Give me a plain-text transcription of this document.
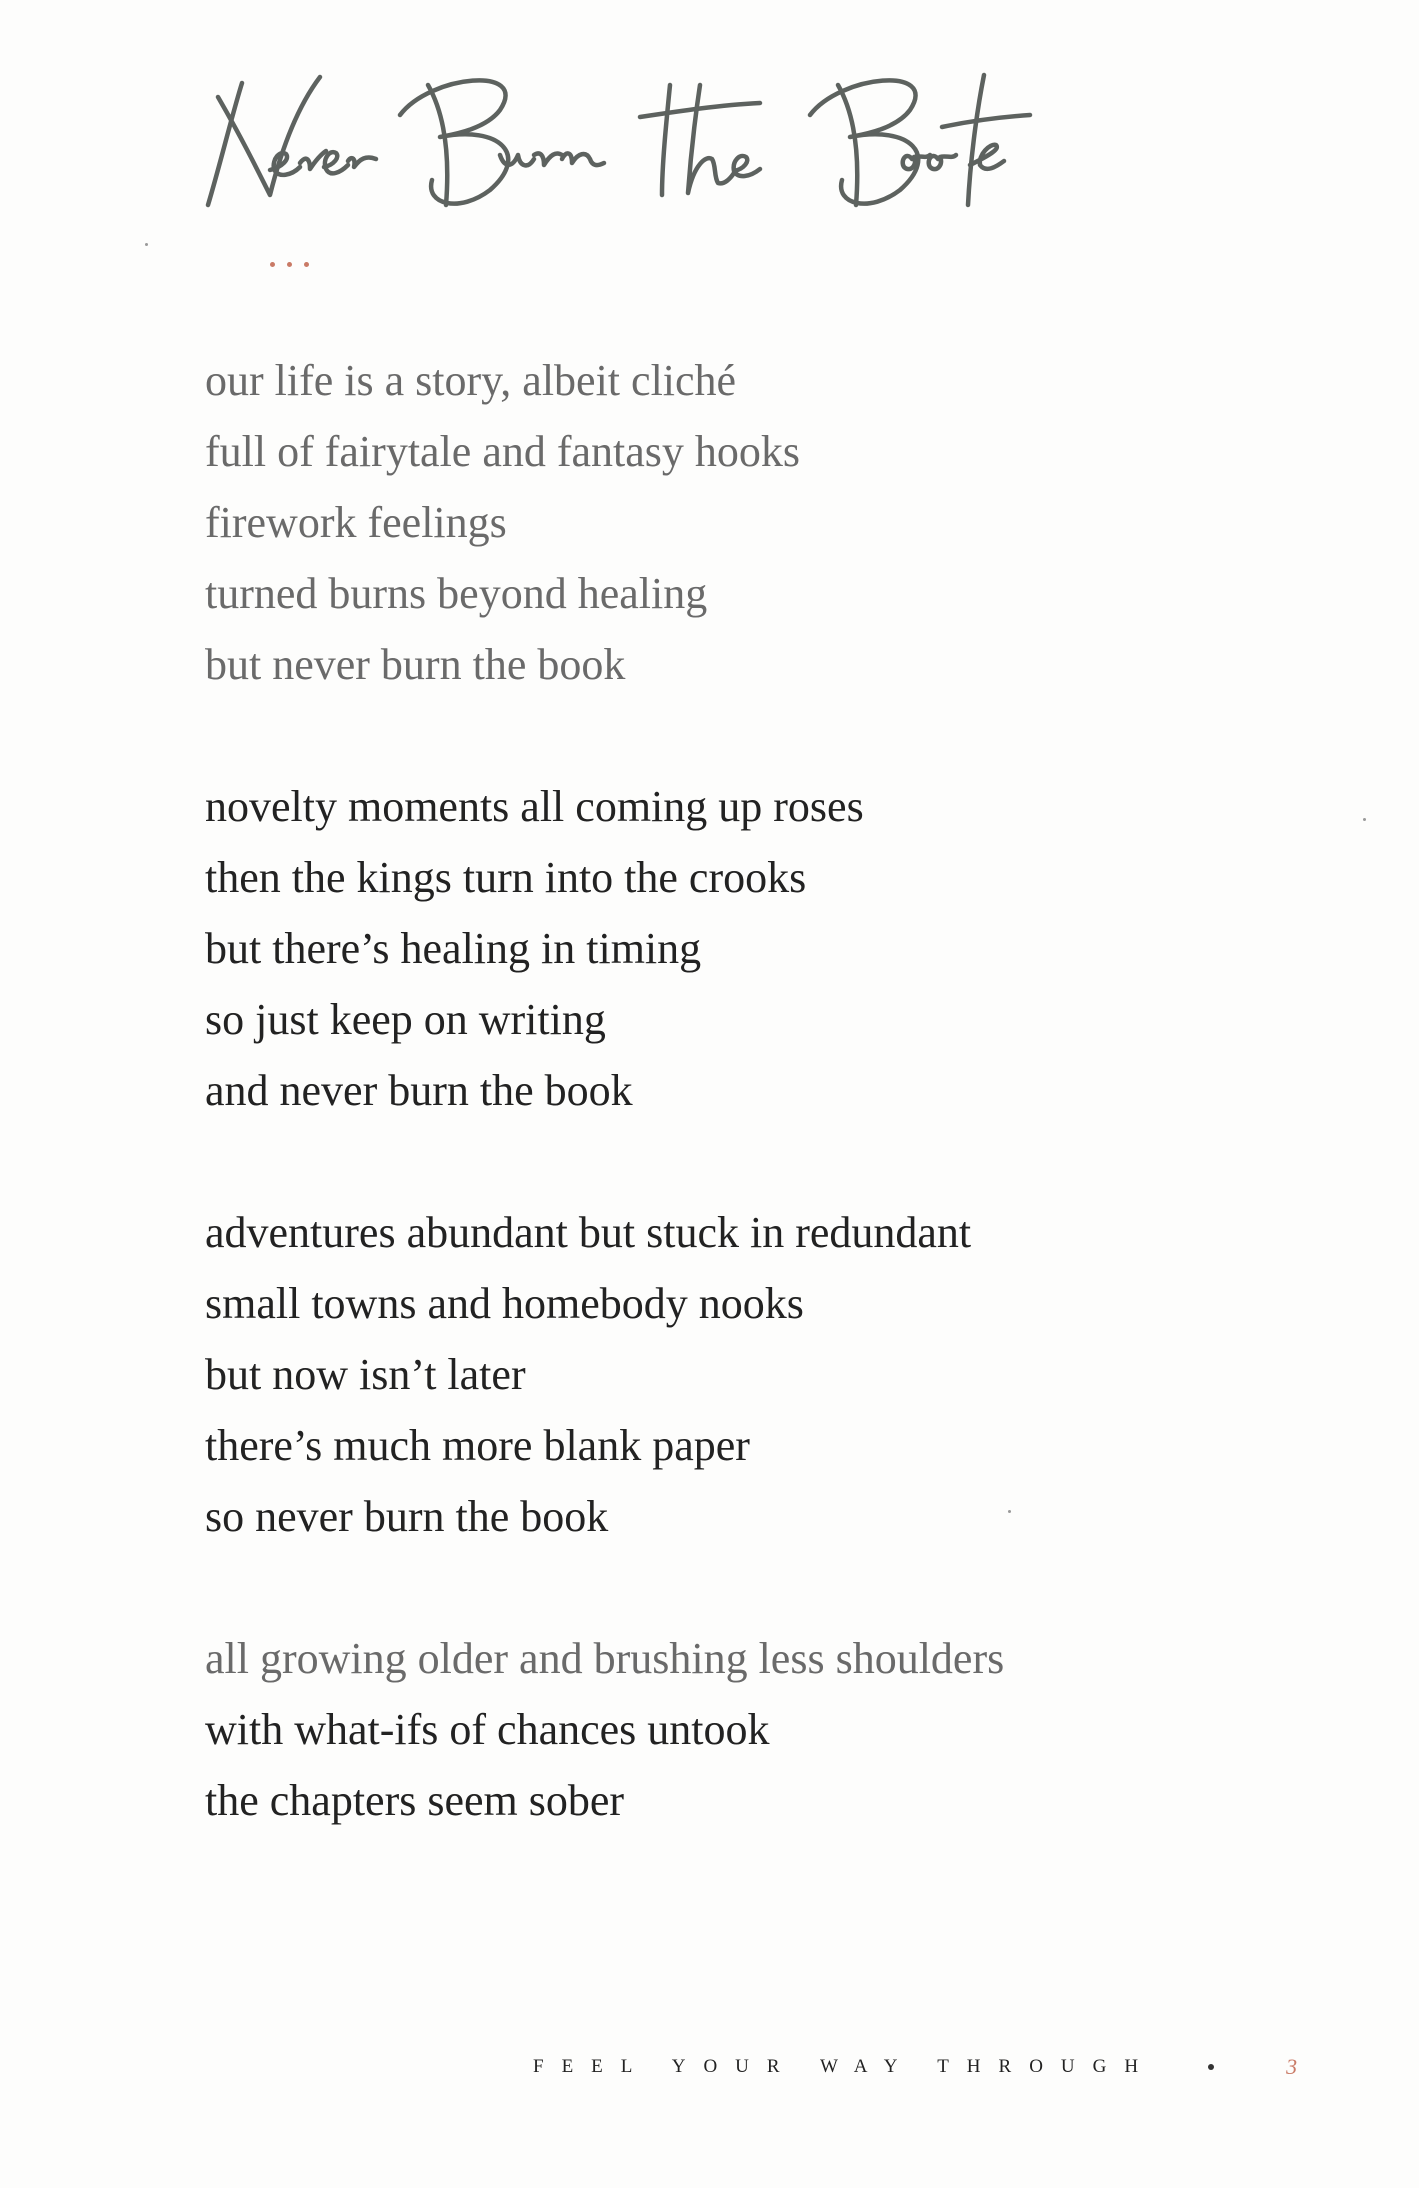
our life is a story, albeit cliché
full of fairytale and fantasy hooks
firework feelings
turned burns beyond healing
but never burn the book
novelty moments all coming up roses
then the kings turn into the crooks
but there’s healing in timing
so just keep on writing
and never burn the book
adventures abundant but stuck in redundant
small towns and homebody nooks
but now isn’t later
there’s much more blank paper
so never burn the book
all growing older and brushing less shoulders
with what-ifs of chances untook
the chapters seem sober
FEEL YOUR WAY THROUGH	3
